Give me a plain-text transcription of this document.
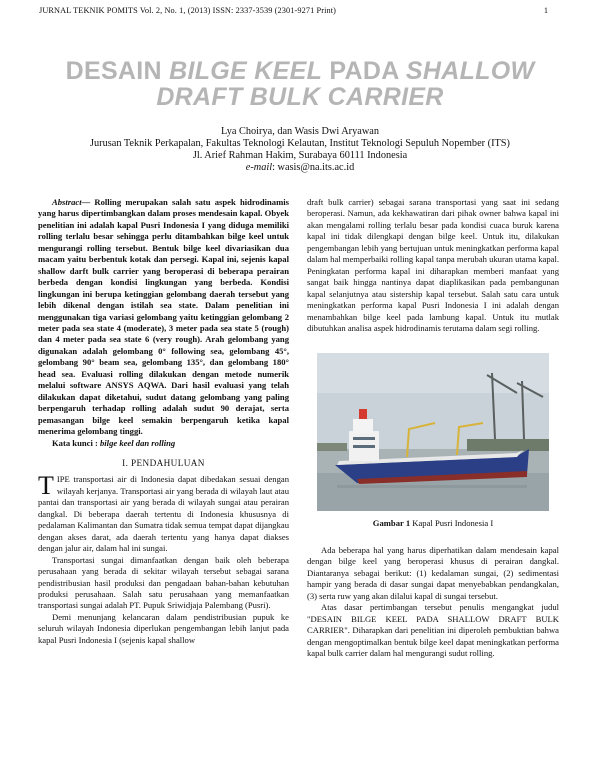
JURNAL TEKNIK POMITS Vol. 2, No. 1, (2013) ISSN: 2337-3539 (2301-9271 Print)	1
DESAIN BILGE KEEL PADA SHALLOW
DRAFT BULK CARRIER
Lya Choirya, dan Wasis Dwi Aryawan
Jurusan Teknik Perkapalan, Fakultas Teknologi Kelautan, Institut Teknologi Sepuluh Nopember (ITS)
Jl. Arief Rahman Hakim, Surabaya 60111 Indonesia
e-mail: wasis@na.its.ac.id

Abstract— Rolling merupakan salah satu aspek hidrodinamis yang harus dipertimbangkan dalam proses mendesain kapal. Obyek penelitian ini adalah kapal Pusri Indonesia I yang diduga memiliki rolling terlalu besar sehingga perlu ditambahkan bilge keel untuk mengurangi rolling tersebut. Bentuk bilge keel divariasikan dua macam yaitu berbentuk kotak dan persegi. Kapal ini, sejenis kapal shallow darft bulk carrier yang beroperasi di beberapa perairan berbeda dengan kondisi lingkungan yang berbeda. Kondisi lingkungan ini berupa ketinggian gelombang daerah tersebut yang lebih dikenal dengan istilah sea state. Dalam penelitian ini menggunakan tiga variasi gelombang yaitu ketinggian gelombang 2 meter pada sea state 4 (moderate), 3 meter pada sea state 5 (rough) dan 4 meter pada sea state 6 (very rough). Arah gelombang yang digunakan adalah gelombang 0° following sea, gelombang 45°, gelombang 90° beam sea, gelombang 135°, dan gelombang 180° head sea. Evaluasi rolling dilakukan dengan metode numerik melalui software ANSYS AQWA. Dari hasil evaluasi yang telah dilakukan dapat diketahui, sudut datang gelombang yang paling berpengaruh terhadap rolling adalah sudut 90 derajat, serta pemasangan bilge keel semakin berpengaruh ketika kapal menerima gelombang tinggi.

Kata kunci : bilge keel dan rolling

I. PENDAHULUAN

TIPE transportasi air di Indonesia dapat dibedakan sesuai dengan wilayah kerjanya. Transportasi air yang berada di wilayah laut atau pantai dan transportasi air yang berada di wilayah sungai atau perairan dangkal. Di beberapa daerah tertentu di Indonesia khususnya di pedalaman Kalimantan dan Sumatra tidak semua tempat dapat dijangkau dengan akses darat, ada daerah tertentu yang hanya dapat diakses dengan jalur air, dalam hal ini sungai.

Transportasi sungai dimanfaatkan dengan baik oleh beberapa perusahaan yang berada di sekitar wilayah tersebut sebagai sarana pendistribusian hasil produksi dan pengadaan bahan-bahan kebutuhan produksi perusahaan. Salah satu perusahaan yang memanfaatkan transportasi sungai adalah PT. Pupuk Sriwidjaja Palembang (Pusri).

Demi menunjang kelancaran dalam pendistribusian pupuk ke seluruh wilayah Indonesia diperlukan pengembangan lebih lanjut pada kapal Pusri Indonesia I (sejenis kapal shallow

draft bulk carrier) sebagai sarana transportasi yang saat ini sedang beroperasi. Namun, ada kekhawatiran dari pihak owner bahwa kapal ini akan mengalami rolling terlalu besar pada kondisi cuaca buruk karena kapal ini tidak dilengkapi dengan bilge keel. Untuk itu, dilakukan pengembangan lebih yang bertujuan untuk meningkatkan performa kapal dalam hal memperbaiki rolling kapal tanpa merubah ukuran utama kapal. Peningkatan performa kapal ini diharapkan memberi manfaat yang sangat baik hingga nantinya dapat diaplikasikan pada pembangunan kapal selanjutnya atau sistership kapal tersebut. Salah satu cara untuk meningkatkan performa kapal Pusri Indonesia I ini adalah dengan menambahkan bilge keel pada lambung kapal. Untuk itu mutlak dibutuhkan analisa aspek hidrodinamis terutama dalam segi rolling.

Gambar 1 Kapal Pusri Indonesia I

Ada beberapa hal yang harus diperhatikan dalam mendesain kapal dengan bilge keel yang beroperasi khusus di perairan dangkal. Diantaranya sebagai berikut: (1) kedalaman sungai, (2) sedimentasi hampir yang berada di dasar sungai dapat menyebabkan pendangkalan, (3) serta ruw yang akan dilalui kapal di sungai tersebut.

Atas dasar pertimbangan tersebut penulis mengangkat judul "DESAIN BILGE KEEL PADA SHALLOW DRAFT BULK CARRIER". Diharapkan dari penelitian ini diperoleh pembuktian bahwa dengan mengoptimalkan bentuk bilge keel dapat meningkatkan performa kapal bulk carrier dalam hal mengurangi sudut rolling.
